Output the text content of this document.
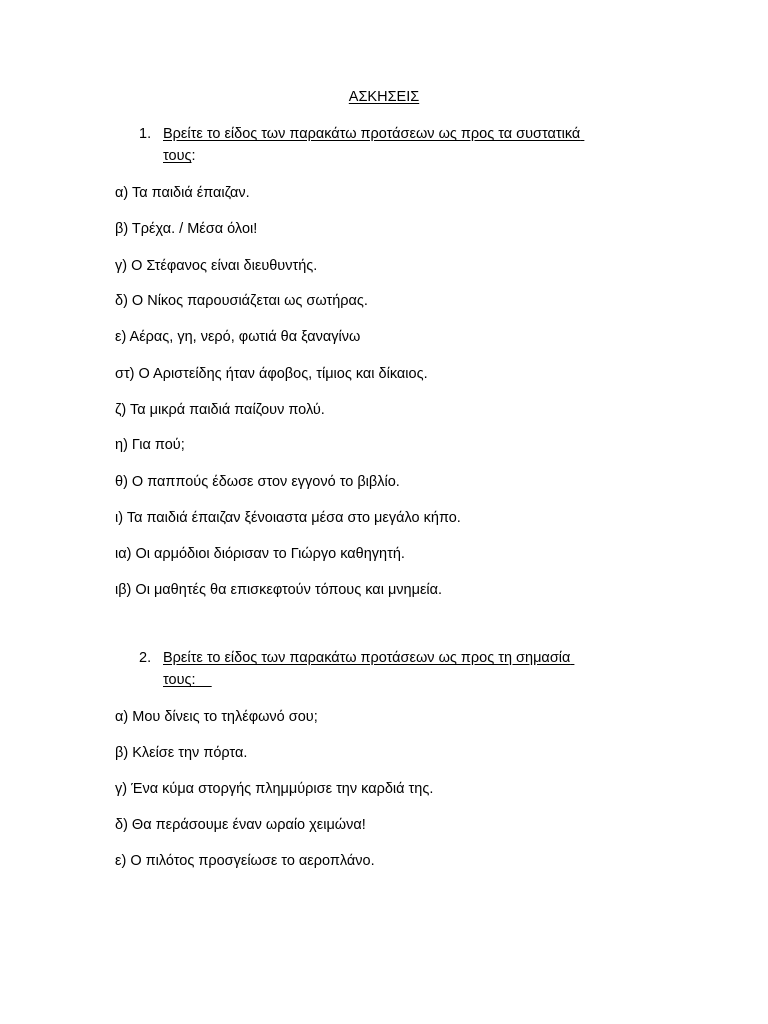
ΑΣΚΗΣΕΙΣ
1. Βρείτε το είδος των παρακάτω προτάσεων ως προς τα συστατικά
τους:
α) Τα παιδιά έπαιζαν.
β) Τρέχα. / Μέσα όλοι!
γ) Ο Στέφανος είναι διευθυντής.
δ) Ο Νίκος παρουσιάζεται ως σωτήρας.
ε) Αέρας, γη, νερό, φωτιά θα ξαναγίνω
στ) Ο Αριστείδης ήταν άφοβος, τίμιος και δίκαιος.
ζ) Τα μικρά παιδιά παίζουν πολύ.
η) Για πού;
θ) Ο παππούς έδωσε στον εγγονό το βιβλίο.
ι) Τα παιδιά έπαιζαν ξένοιαστα μέσα στο μεγάλο κήπο.
ια) Οι αρμόδιοι διόρισαν το Γιώργο καθηγητή.
ιβ) Οι μαθητές θα επισκεφτούν τόπους και μνημεία.
2. Βρείτε το είδος των παρακάτω προτάσεων ως προς τη σημασία
τους:
α) Μου δίνεις το τηλέφωνό σου;
β) Κλείσε την πόρτα.
γ) Ένα κύμα στοργής πλημμύρισε την καρδιά της.
δ) Θα περάσουμε έναν ωραίο χειμώνα!
ε) Ο πιλότος προσγείωσε το αεροπλάνο.
